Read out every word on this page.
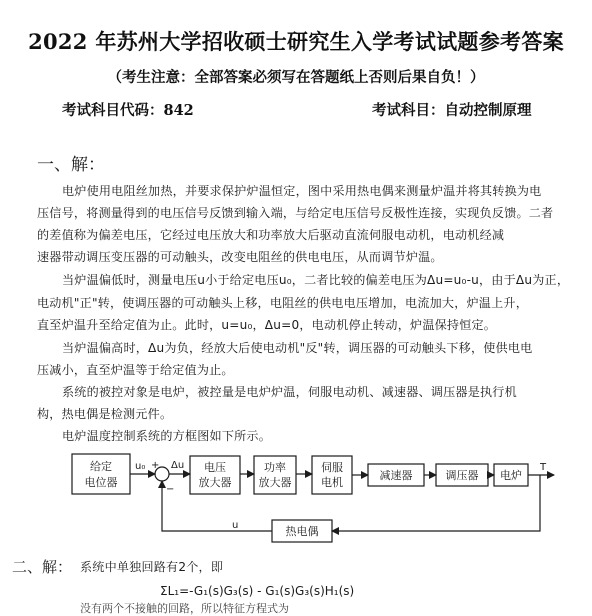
2022 年苏州大学招收硕士研究生入学考试试题参考答案
（考生注意：全部答案必须写在答题纸上否则后果自负！）
考试科目代码：842	考试科目：自动控制原理
一、解：
电炉使用电阻丝加热，并要求保护炉温恒定，图中采用热电偶来测量炉温并将其转换为电
压信号，将测量得到的电压信号反馈到输入端，与给定电压信号反极性连接，实现负反馈。二者
的差值称为偏差电压，它经过电压放大和功率放大后驱动直流伺服电动机，电动机经减
速器带动调压变压器的可动触头，改变电阻丝的供电电压，从而调节炉温。
当炉温偏低时，测量电压u小于给定电压u₀，二者比较的偏差电压为Δu=u₀-u，由于Δu为正，
电动机"正"转，使调压器的可动触头上移，电阻丝的供电电压增加，电流加大，炉温上升，
直至炉温升至给定值为止。此时，u=u₀，Δu=0，电动机停止转动，炉温保持恒定。
当炉温偏高时，Δu为负，经放大后使电动机"反"转，调压器的可动触头下移，使供电电
压减小，直至炉温等于给定值为止。
系统的被控对象是电炉，被控量是电炉炉温，伺服电动机、减速器、调压器是执行机
构，热电偶是检测元件。
电炉温度控制系统的方框图如下所示。
给定
电位器
电压
放大器
功率
放大器
伺服
电机
减速器	调压器 电炉
热电偶
u₀	Δu
+
−
u
T
二、解： 系统中单独回路有2个，即
ΣL₁=-G₁(s)G₃(s) - G₁(s)G₃(s)H₁(s)
没有两个不接触的回路，所以特征方程式为
